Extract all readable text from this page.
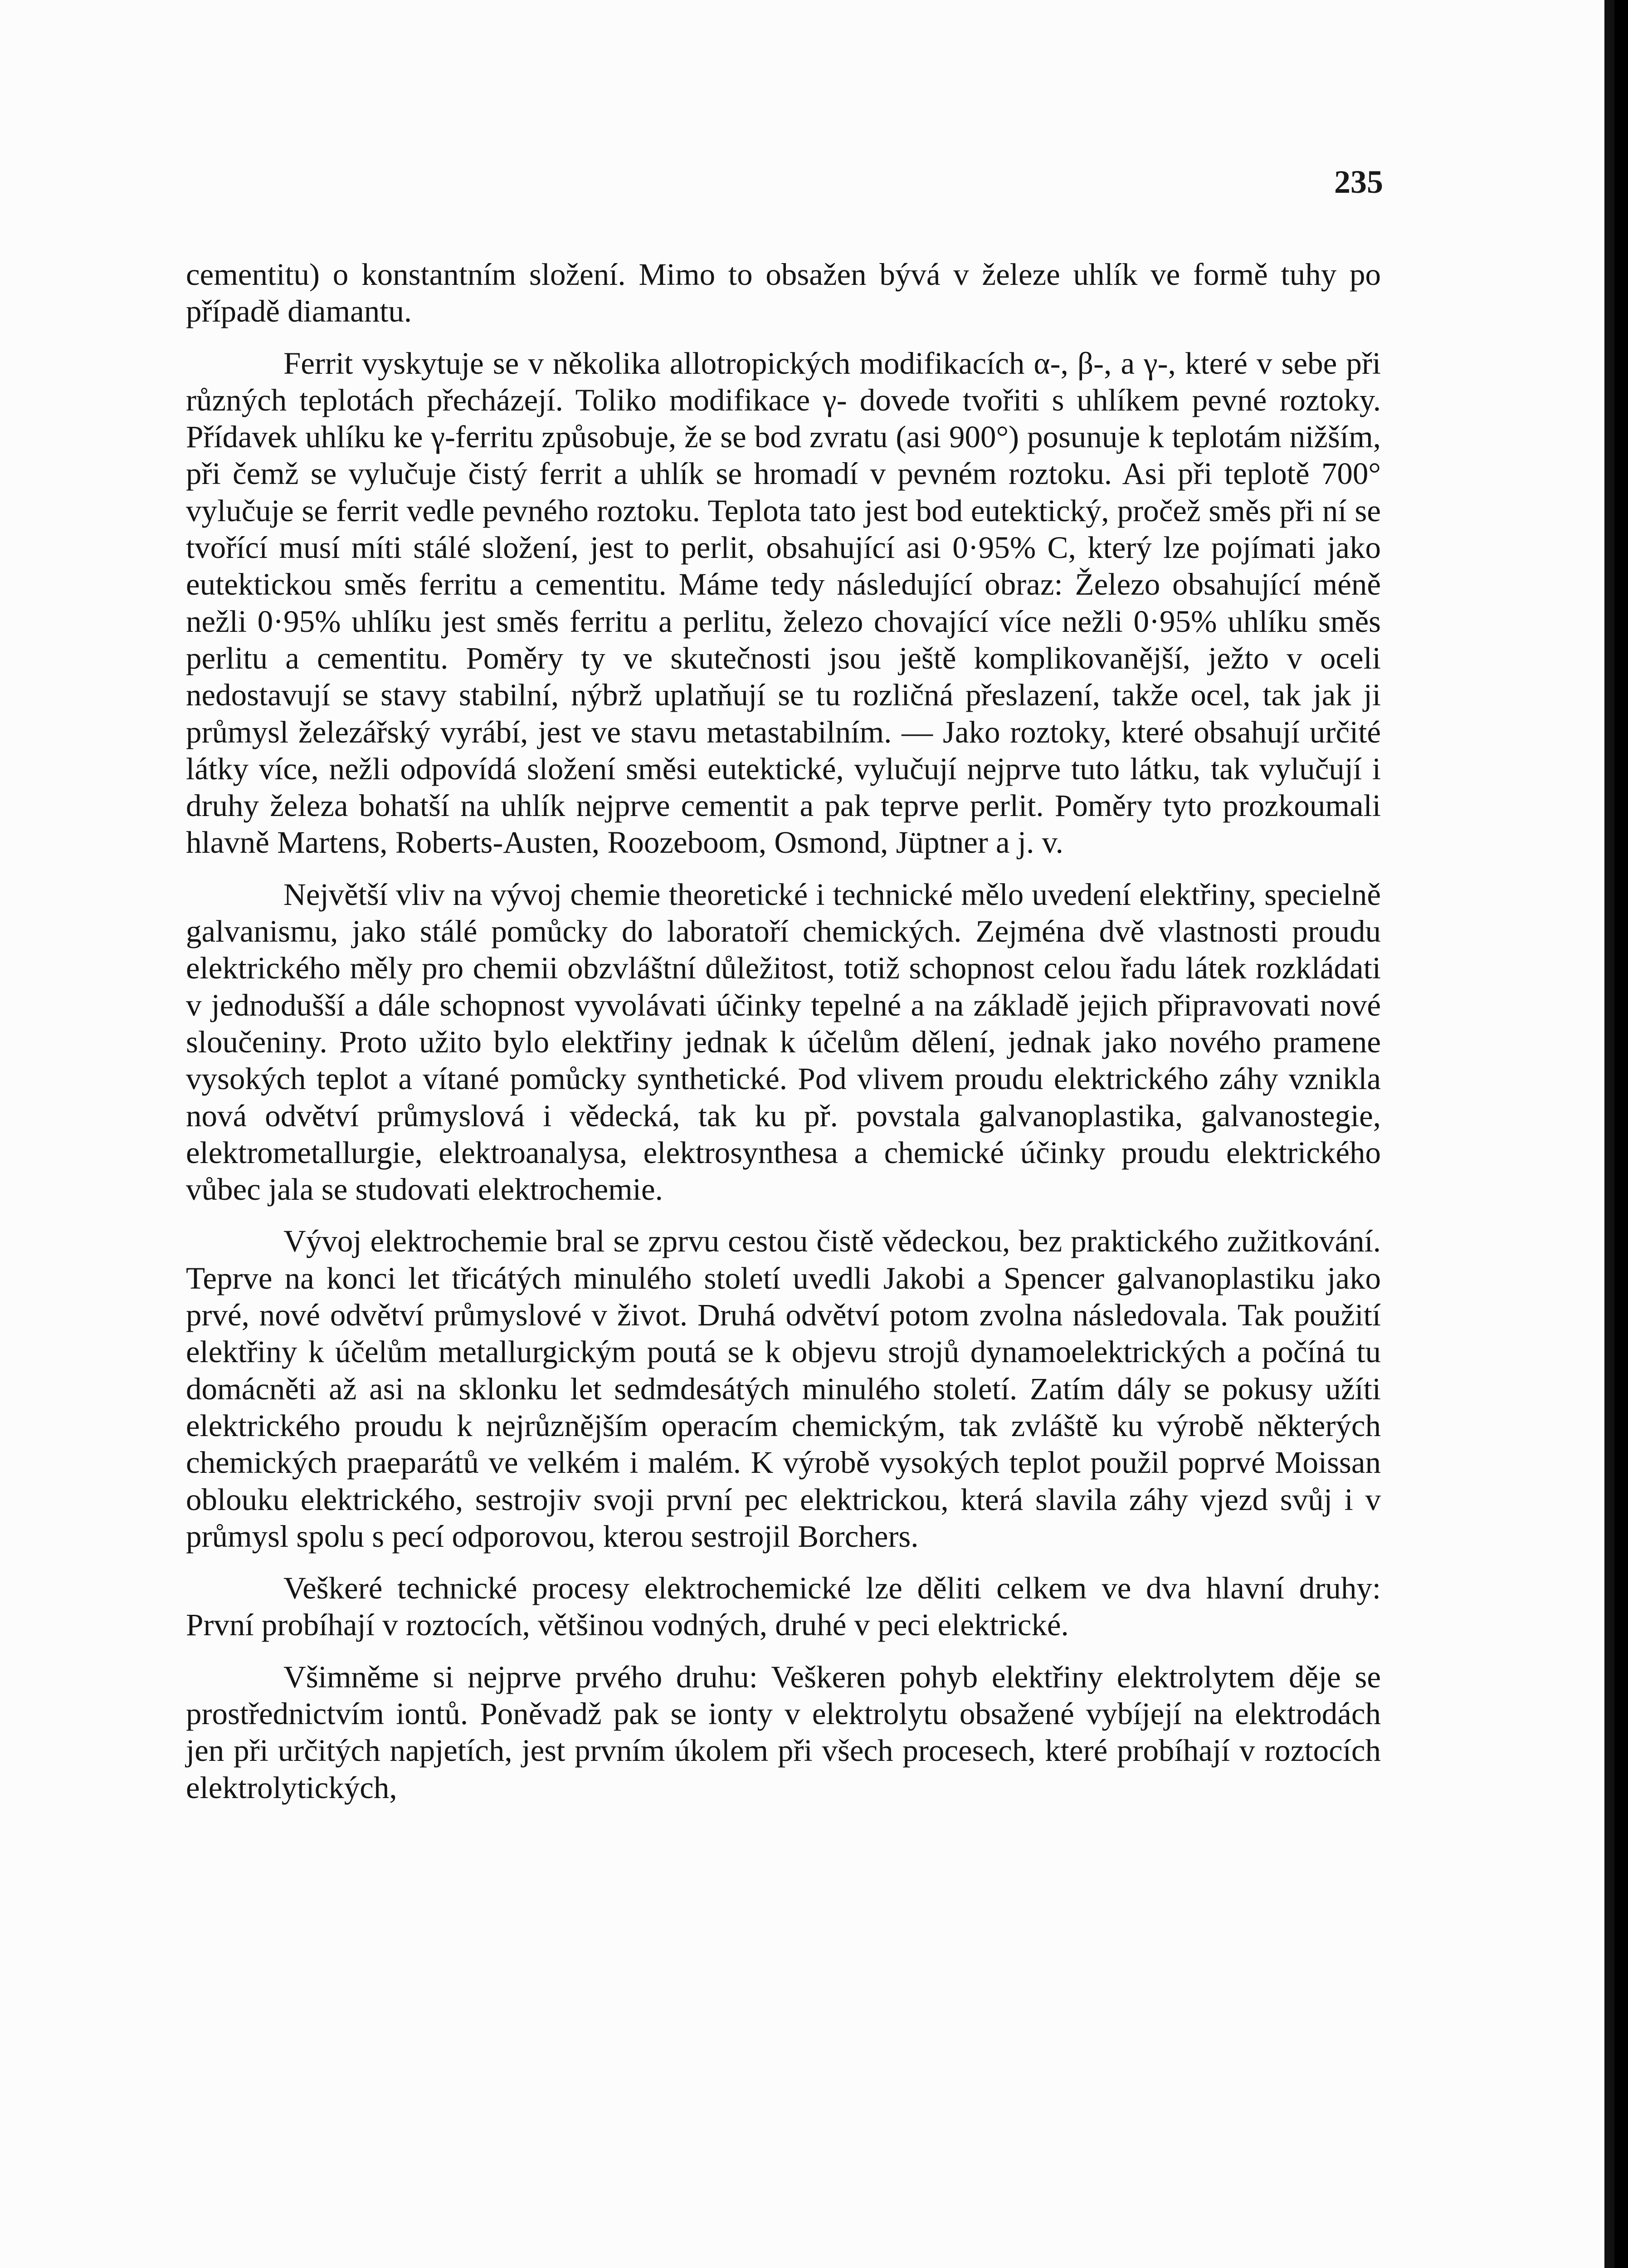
235

cementitu) o konstantním složení. Mimo to obsažen bývá v železe uhlík ve formě tuhy po případě diamantu.

Ferrit vyskytuje se v několika allotropických modifikacích α-, β-, a γ-, které v sebe při různých teplotách přecházejí. Toliko modifikace γ- dovede tvořiti s uhlíkem pevné roztoky. Přídavek uhlíku ke γ-ferritu způsobuje, že se bod zvratu (asi 900°) posunuje k teplotám nižším, při čemž se vylučuje čistý ferrit a uhlík se hromadí v pevném roztoku. Asi při teplotě 700° vylučuje se ferrit vedle pevného roztoku. Teplota tato jest bod eutektický, pročež směs při ní se tvořící musí míti stálé složení, jest to perlit, obsahující asi 0·95% C, který lze pojímati jako eutektickou směs ferritu a cementitu. Máme tedy následující obraz: Železo obsahující méně nežli 0·95% uhlíku jest směs ferritu a perlitu, železo chovající více nežli 0·95% uhlíku směs perlitu a cementitu. Poměry ty ve skutečnosti jsou ještě komplikovanější, ježto v oceli nedostavují se stavy stabilní, nýbrž uplatňují se tu rozličná přeslazení, takže ocel, tak jak ji průmysl železářský vyrábí, jest ve stavu metastabilním. — Jako roztoky, které obsahují určité látky více, nežli odpovídá složení směsi eutektické, vylučují nejprve tuto látku, tak vylučují i druhy železa bohatší na uhlík nejprve cementit a pak teprve perlit. Poměry tyto prozkoumali hlavně Martens, Roberts-Austen, Roozeboom, Osmond, Jüptner a j. v.

Největší vliv na vývoj chemie theoretické i technické mělo uvedení elektřiny, specielně galvanismu, jako stálé pomůcky do laboratoří chemických. Zejména dvě vlastnosti proudu elektrického měly pro chemii obzvláštní důležitost, totiž schopnost celou řadu látek rozkládati v jednodušší a dále schopnost vyvolávati účinky tepelné a na základě jejich připravovati nové sloučeniny. Proto užito bylo elektřiny jednak k účelům dělení, jednak jako nového pramene vysokých teplot a vítané pomůcky synthetické. Pod vlivem proudu elektrického záhy vznikla nová odvětví průmyslová i vědecká, tak ku př. povstala galvanoplastika, galvanostegie, elektrometallurgie, elektroanalysa, elektrosynthesa a chemické účinky proudu elektrického vůbec jala se studovati elektrochemie.

Vývoj elektrochemie bral se zprvu cestou čistě vědeckou, bez praktického zužitkování. Teprve na konci let třicátých minulého století uvedli Jakobi a Spencer galvanoplastiku jako prvé, nové odvětví průmyslové v život. Druhá odvětví potom zvolna následovala. Tak použití elektřiny k účelům metallurgickým poutá se k objevu strojů dynamoelektrických a počíná tu domácněti až asi na sklonku let sedmdesátých minulého století. Zatím dály se pokusy užíti elektrického proudu k nejrůznějším operacím chemickým, tak zvláště ku výrobě některých chemických praeparátů ve velkém i malém. K výrobě vysokých teplot použil poprvé Moissan oblouku elektrického, sestrojiv svoji první pec elektrickou, která slavila záhy vjezd svůj i v průmysl spolu s pecí odporovou, kterou sestrojil Borchers.

Veškeré technické procesy elektrochemické lze děliti celkem ve dva hlavní druhy: První probíhají v roztocích, většinou vodných, druhé v peci elektrické.

Všimněme si nejprve prvého druhu: Veškeren pohyb elektřiny elektrolytem děje se prostřednictvím iontů. Poněvadž pak se ionty v elektrolytu obsažené vybíjejí na elektrodách jen při určitých napjetích, jest prvním úkolem při všech procesech, které probíhají v roztocích elektrolytických,
